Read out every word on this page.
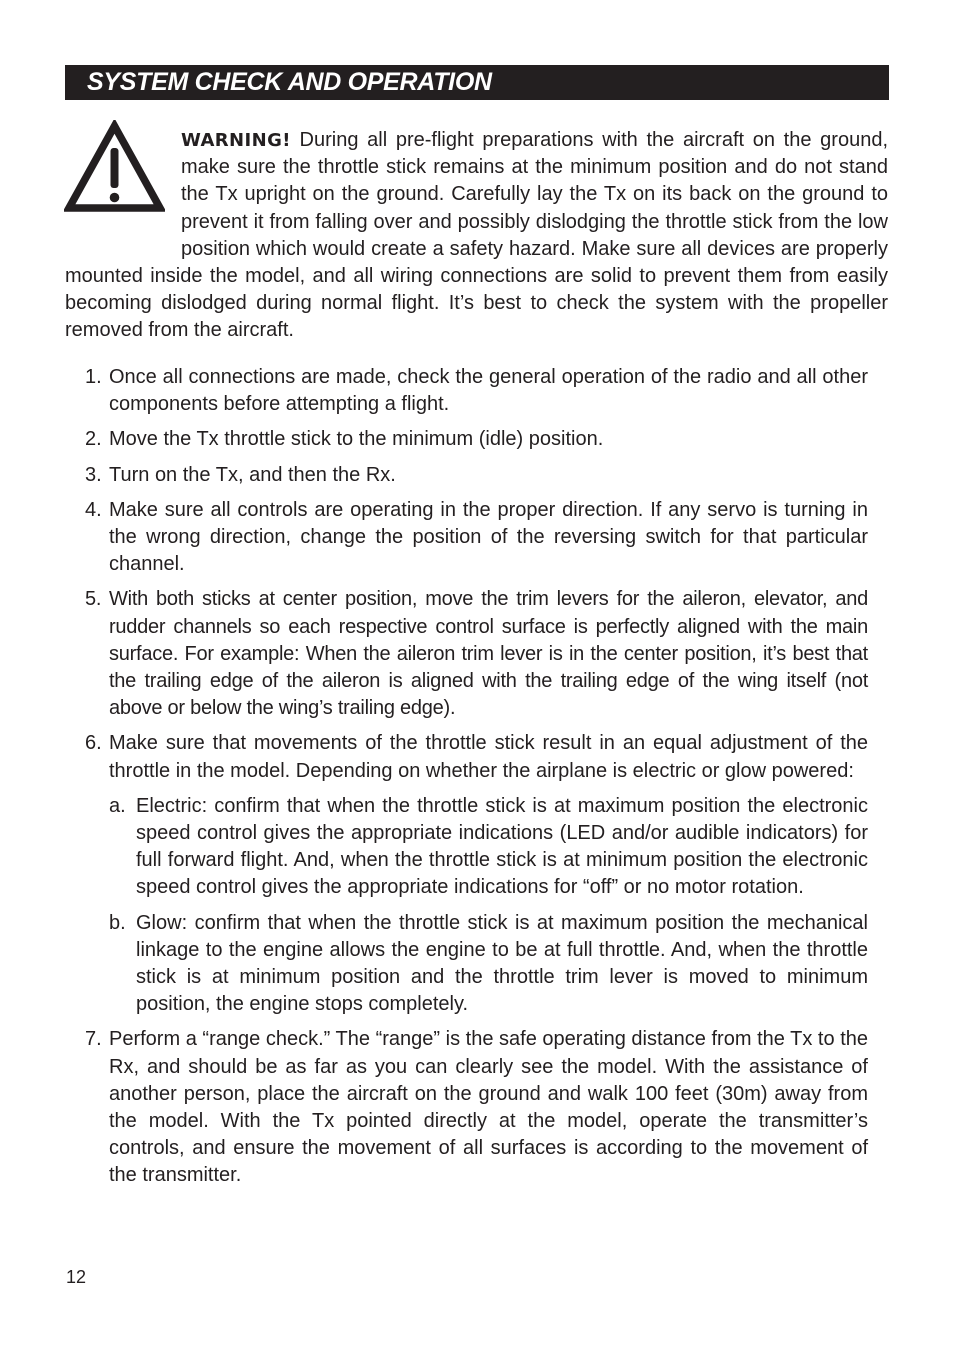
SYSTEM CHECK AND OPERATION
WARNING! During all pre-flight preparations with the aircraft on the ground, make sure the throttle stick remains at the minimum position and do not stand the Tx upright on the ground. Carefully lay the Tx on its back on the ground to prevent it from falling over and possibly dislodging the throttle stick from the low position which would create a safety hazard. Make sure all devices are properly mounted inside the model, and all wiring connections are solid to prevent them from easily becoming dislodged during normal flight. It’s best to check the system with the propeller removed from the aircraft.
1. Once all connections are made, check the general operation of the radio and all other components before attempting a flight.
2. Move the Tx throttle stick to the minimum (idle) position.
3. Turn on the Tx, and then the Rx.
4. Make sure all controls are operating in the proper direction. If any servo is turning in the wrong direction, change the position of the reversing switch for that particular channel.
5. With both sticks at center position, move the trim levers for the aileron, elevator, and rudder channels so each respective control surface is perfectly aligned with the main surface. For example: When the aileron trim lever is in the center position, it’s best that the trailing edge of the aileron is aligned with the trailing edge of the wing itself (not above or below the wing’s trailing edge).
6. Make sure that movements of the throttle stick result in an equal adjustment of the throttle in the model. Depending on whether the airplane is electric or glow powered:
a. Electric: confirm that when the throttle stick is at maximum position the electronic speed control gives the appropriate indications (LED and/or audible indicators) for full forward flight. And, when the throttle stick is at minimum position the electronic speed control gives the appropriate indications for “off” or no motor rotation.
b. Glow: confirm that when the throttle stick is at maximum position the mechanical linkage to the engine allows the engine to be at full throttle. And, when the throttle stick is at minimum position and the throttle trim lever is moved to minimum position, the engine stops completely.
7. Perform a “range check.” The “range” is the safe operating distance from the Tx to the Rx, and should be as far as you can clearly see the model. With the assistance of another person, place the aircraft on the ground and walk 100 feet (30m) away from the model. With the Tx pointed directly at the model, operate the transmitter’s controls, and ensure the movement of all surfaces is according to the movement of the transmitter.
12
